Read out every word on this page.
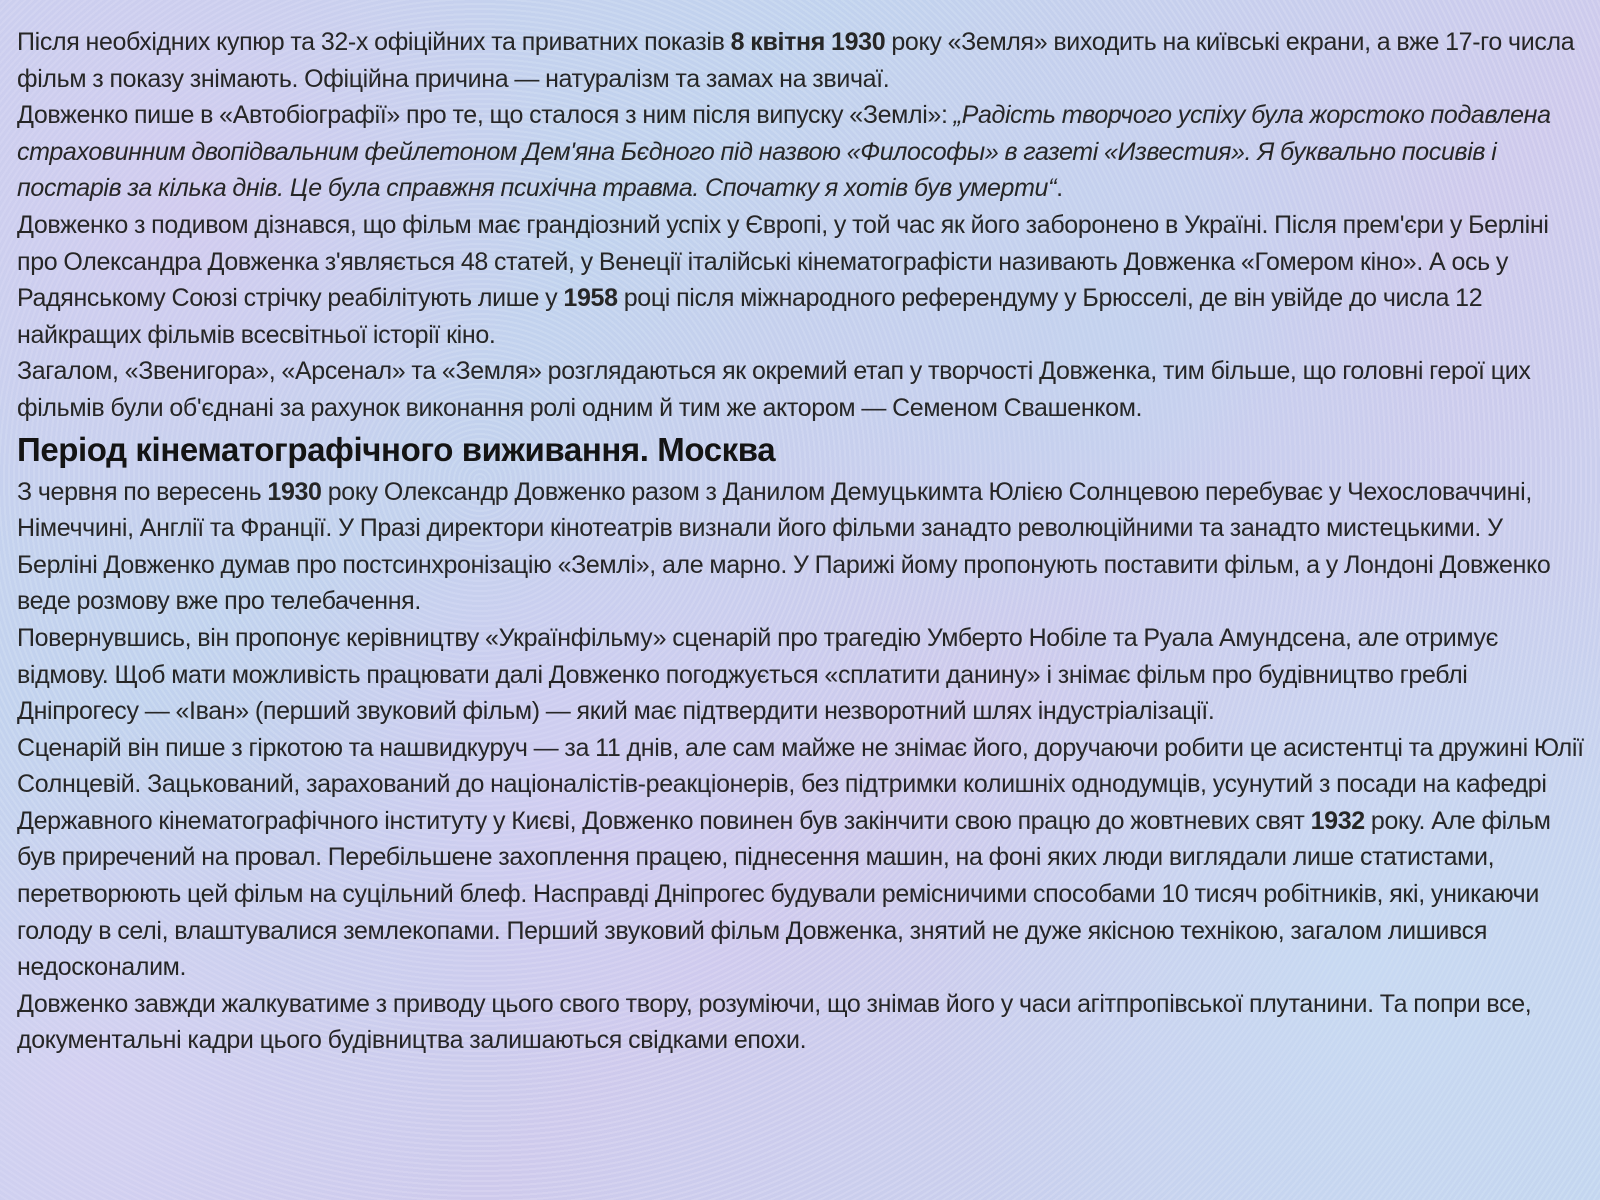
Після необхідних купюр та 32-х офіційних та приватних показів 8 квітня 1930 року «Земля» виходить на київські екрани, а вже 17-го числа фільм з показу знімають. Офіційна причина — натуралізм та замах на звичаї.

Довженко пише в «Автобіографії» про те, що сталося з ним після випуску «Землі»: „Радість творчого успіху була жорстоко подавлена страховинним двопідвальним фейлетоном Дем'яна Бєдного під назвою «Философы» в газеті «Известия». Я буквально посивів і постарів за кілька днів. Це була справжня психічна травма. Спочатку я хотів був умерти“.

Довженко з подивом дізнався, що фільм має грандіозний успіх у Європі, у той час як його заборонено в Україні. Після прем'єри у Берліні про Олександра Довженка з'являється 48 статей, у Венеції італійські кінематографісти називають Довженка «Гомером кіно». А ось у Радянському Союзі стрічку реабілітують лише у 1958 році після міжнародного референдуму у Брюсселі, де він увійде до числа 12 найкращих фільмів всесвітньої історії кіно.

Загалом, «Звенигора», «Арсенал» та «Земля» розглядаються як окремий етап у творчості Довженка, тим більше, що головні герої цих фільмів були об'єднані за рахунок виконання ролі одним й тим же актором — Семеном Свашенком.

Період кінематографічного виживання. Москва

З червня по вересень 1930 року Олександр Довженко разом з Данилом Демуцькимта Юлією Солнцевою перебуває у Чехословаччині, Німеччині, Англії та Франції. У Празі директори кінотеатрів визнали його фільми занадто революційними та занадто мистецькими. У Берліні Довженко думав про постсинхронізацію «Землі», але марно. У Парижі йому пропонують поставити фільм, а у Лондоні Довженко веде розмову вже про телебачення.

Повернувшись, він пропонує керівництву «Українфільму» сценарій про трагедію Умберто Нобіле та Руала Амундсена, але отримує відмову. Щоб мати можливість працювати далі Довженко погоджується «сплатити данину» і знімає фільм про будівництво греблі Дніпрогесу — «Іван» (перший звуковий фільм) — який має підтвердити незворотний шлях індустріалізації.

Сценарій він пише з гіркотою та нашвидкуруч — за 11 днів, але сам майже не знімає його, доручаючи робити це асистентці та дружині Юлії Солнцевій. Зацькований, зарахований до націоналістів-реакціонерів, без підтримки колишніх однодумців, усунутий з посади на кафедрі Державного кінематографічного інституту у Києві, Довженко повинен був закінчити свою працю до жовтневих свят 1932 року. Але фільм був приречений на провал. Перебільшене захоплення працею, піднесення машин, на фоні яких люди виглядали лише статистами, перетворюють цей фільм на суцільний блеф. Насправді Дніпрогес будували ремісничими способами 10 тисяч робітників, які, уникаючи голоду в селі, влаштувалися землекопами. Перший звуковий фільм Довженка, знятий не дуже якісною технікою, загалом лишився недосконалим.

Довженко завжди жалкуватиме з приводу цього свого твору, розуміючи, що знімав його у часи агітпропівської плутанини. Та попри все, документальні кадри цього будівництва залишаються свідками епохи.
